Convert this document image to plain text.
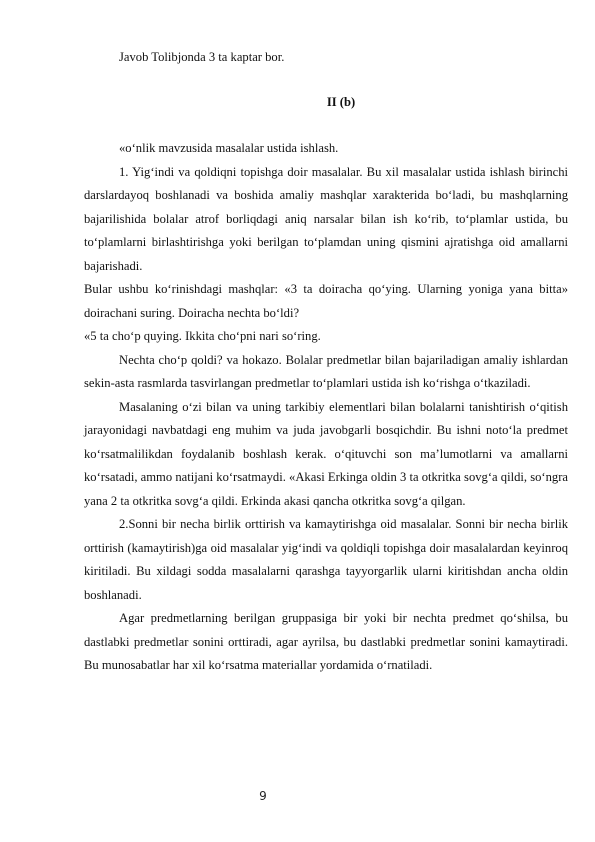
Javob Tolibjonda 3 ta kaptar bor.

II (b)

«o‘nlik mavzusida masalalar ustida ishlash.

1. Yig‘indi va qoldiqni topishga doir masalalar. Bu xil masalalar ustida ishlash birinchi darslardayoq boshlanadi va boshida amaliy mashqlar xarakterida bo‘ladi, bu mashqlarning bajarilishida bolalar atrof borliqdagi aniq narsalar bilan ish ko‘rib, to‘plamlar ustida, bu to‘plamlarni birlashtirishga yoki berilgan to‘plamdan uning qismini ajratishga oid amallarni bajarishadi.

Bular ushbu ko‘rinishdagi mashqlar: «3 ta doiracha qo‘ying. Ularning yoniga yana bitta» doirachani suring. Doiracha nechta bo‘ldi?

«5 ta cho‘p quying. Ikkita cho‘pni nari so‘ring.

Nechta cho‘p qoldi? va hokazo. Bolalar predmetlar bilan bajariladigan amaliy ishlardan sekin-asta rasmlarda tasvirlangan predmetlar to‘plamlari ustida ish ko‘rishga o‘tkaziladi.

Masalaning o‘zi bilan va uning tarkibiy elementlari bilan bolalarni tanishtirish o‘qitish jarayonidagi navbatdagi eng muhim va juda javobgarli bosqichdir. Bu ishni noto‘la predmet ko‘rsatmalilikdan foydalanib boshlash kerak. o‘qituvchi son ma’lumotlarni va amallarni ko‘rsatadi, ammo natijani ko‘rsatmaydi. «Akasi Erkinga oldin 3 ta otkritka sovg‘a qildi, so‘ngra yana 2 ta otkritka sovg‘a qildi. Erkinda akasi qancha otkritka sovg‘a qilgan.

2.Sonni bir necha birlik orttirish va kamaytirishga oid masalalar. Sonni bir necha birlik orttirish (kamaytirish)ga oid masalalar yig‘indi va qoldiqli topishga doir masalalardan keyinroq kiritiladi. Bu xildagi sodda masalalarni qarashga tayyorgarlik ularni kiritishdan ancha oldin boshlanadi.

Agar predmetlarning berilgan gruppasiga bir yoki bir nechta predmet qo‘shilsa, bu dastlabki predmetlar sonini orttiradi, agar ayrilsa, bu dastlabki predmetlar sonini kamaytiradi. Bu munosabatlar har xil ko‘rsatma materiallar yordamida o‘rnatiladi.

9
